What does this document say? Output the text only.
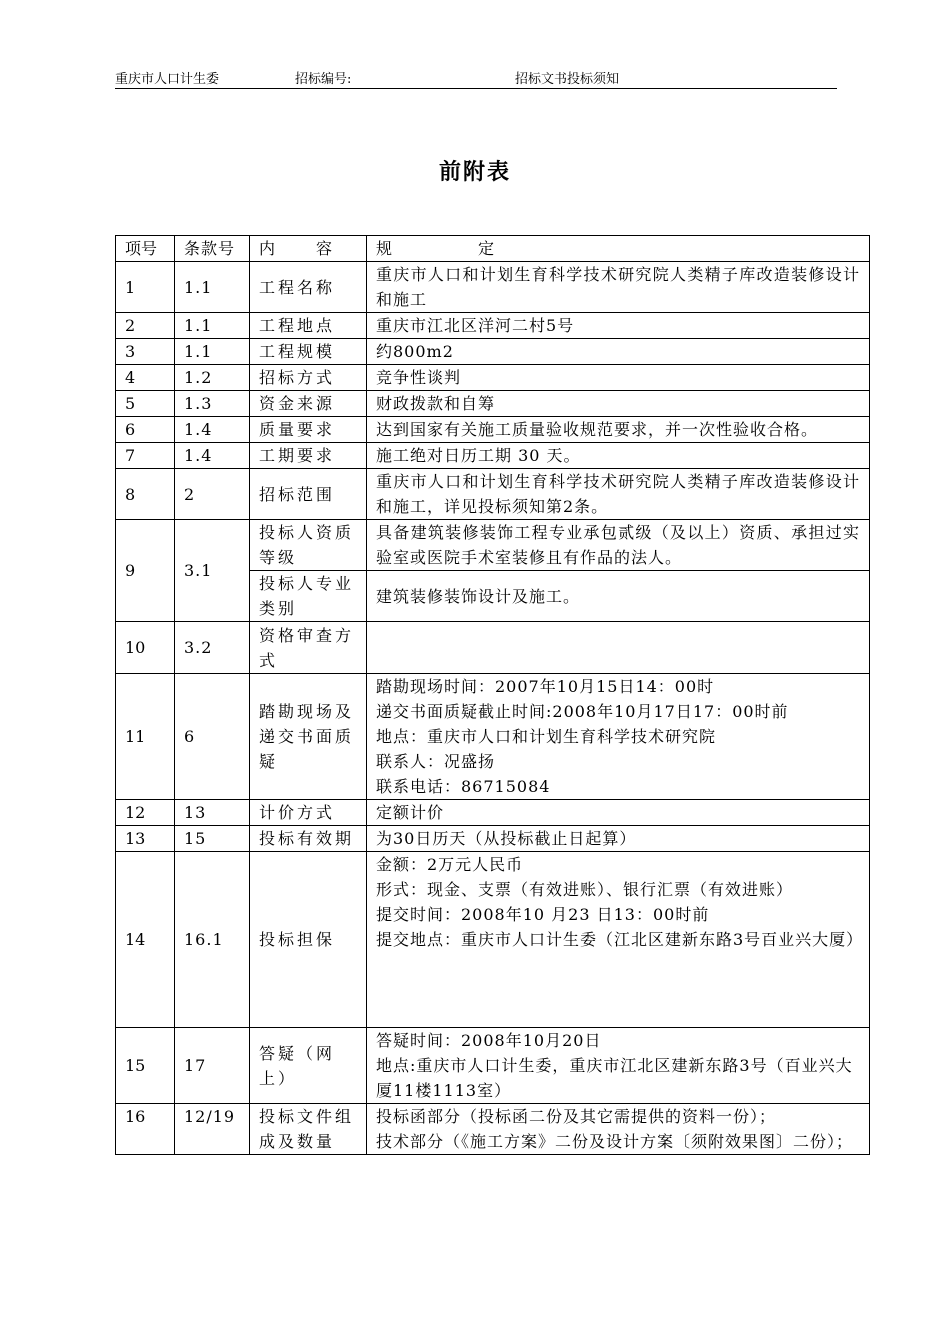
重庆市人口计生委	招标编号:	招标文书投标须知
前附表
项号	条款号	内　　容	规　　　　　定
1	1.1	工程名称	重庆市人口和计划生育科学技术研究院人类精子库改造装修设计和施工
2	1.1	工程地点	重庆市江北区洋河二村5号
3	1.1	工程规模	约800m2
4	1.2	招标方式	竞争性谈判
5	1.3	资金来源	财政拨款和自筹
6	1.4	质量要求	达到国家有关施工质量验收规范要求，并一次性验收合格。
7	1.4	工期要求	施工绝对日历工期 30 天。
8	2	招标范围	重庆市人口和计划生育科学技术研究院人类精子库改造装修设计和施工，详见投标须知第2条。
9	3.1	投标人资质等级	具备建筑装修装饰工程专业承包贰级（及以上）资质、承担过实验室或医院手术室装修且有作品的法人。
		投标人专业类别	建筑装修装饰设计及施工。
10	3.2	资格审查方式	
11	6	踏勘现场及递交书面质疑	踏勘现场时间：2007年10月15日14：00时
递交书面质疑截止时间:2008年10月17日17：00时前
地点：重庆市人口和计划生育科学技术研究院
联系人：况盛扬
联系电话：86715084

12	13	计价方式	定额计价
13	15	投标有效期	为30日历天（从投标截止日起算）
14	16.1	投标担保	金额：2万元人民币
形式：现金、支票（有效进账）、银行汇票（有效进账）
提交时间：2008年10 月23 日13：00时前
提交地点：重庆市人口计生委（江北区建新东路3号百业兴大厦）

15	17	答疑（网上）	答疑时间：2008年10月20日
地点:重庆市人口计生委，重庆市江北区建新东路3号（百业兴大厦11楼1113室）

16	12/19	投标文件组成及数量	投标函部分（投标函二份及其它需提供的资料一份）；
技术部分（《施工方案》二份及设计方案〔须附效果图〕二份）；
